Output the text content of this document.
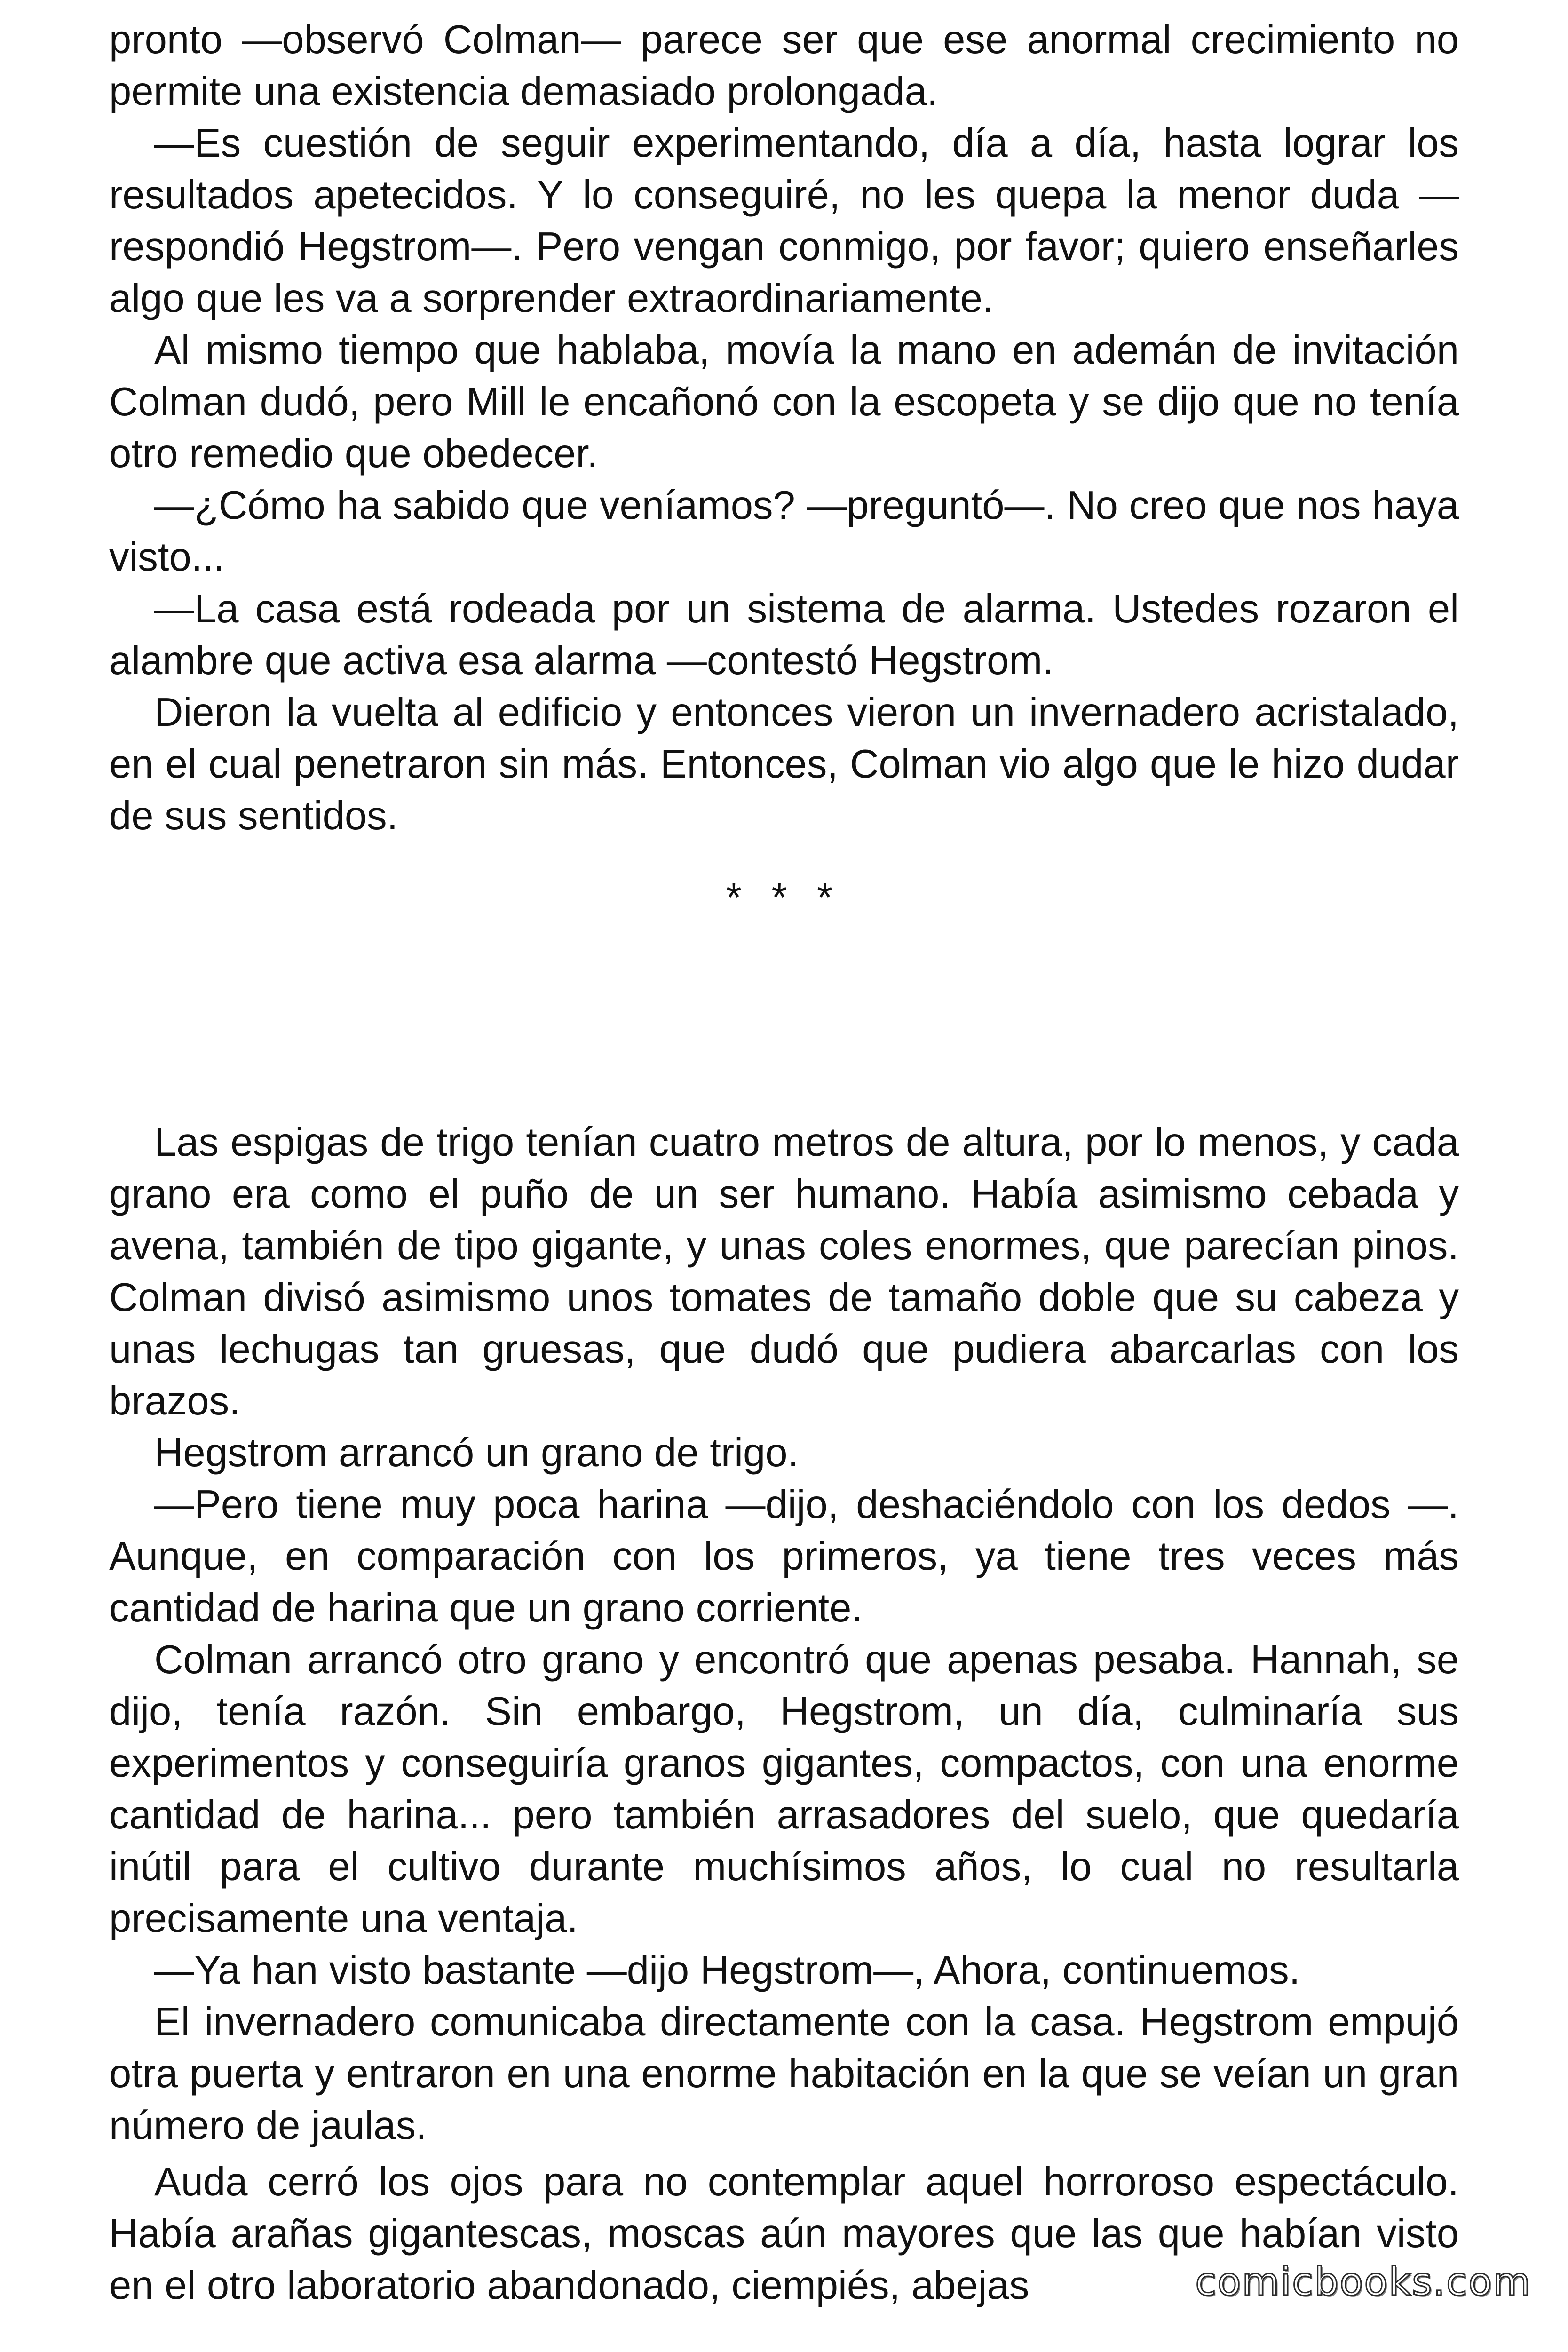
pronto —observó Colman— parece ser que ese anormal crecimiento no permite una existencia demasiado prolongada.

—Es cuestión de seguir experimentando, día a día, hasta lograr los resultados apetecidos. Y lo conseguiré, no les quepa la menor duda —respondió Hegstrom—. Pero vengan conmigo, por favor; quiero enseñarles algo que les va a sorprender extraordinariamente.

Al mismo tiempo que hablaba, movía la mano en ademán de invitación Colman dudó, pero Mill le encañonó con la escopeta y se dijo que no tenía otro remedio que obedecer.

—¿Cómo ha sabido que veníamos? —preguntó—. No creo que nos haya visto...

—La casa está rodeada por un sistema de alarma. Ustedes rozaron el alambre que activa esa alarma —contestó Hegstrom.

Dieron la vuelta al edificio y entonces vieron un invernadero acristalado, en el cual penetraron sin más. Entonces, Colman vio algo que le hizo dudar de sus sentidos.

* * *

Las espigas de trigo tenían cuatro metros de altura, por lo menos, y cada grano era como el puño de un ser humano. Había asimismo cebada y avena, también de tipo gigante, y unas coles enormes, que parecían pinos. Colman divisó asimismo unos tomates de tamaño doble que su cabeza y unas lechugas tan gruesas, que dudó que pudiera abarcarlas con los brazos.

Hegstrom arrancó un grano de trigo.

—Pero tiene muy poca harina —dijo, deshaciéndolo con los dedos —. Aunque, en comparación con los primeros, ya tiene tres veces más cantidad de harina que un grano corriente.

Colman arrancó otro grano y encontró que apenas pesaba. Hannah, se dijo, tenía razón. Sin embargo, Hegstrom, un día, culminaría sus experimentos y conseguiría granos gigantes, compactos, con una enorme cantidad de harina... pero también arrasadores del suelo, que quedaría inútil para el cultivo durante muchísimos años, lo cual no resultarla precisamente una ventaja.

—Ya han visto bastante —dijo Hegstrom—, Ahora, continuemos.

El invernadero comunicaba directamente con la casa. Hegstrom empujó otra puerta y entraron en una enorme habitación en la que se veían un gran número de jaulas.

Auda cerró los ojos para no contemplar aquel horroroso espectáculo. Había arañas gigantescas, moscas aún mayores que las que habían visto en el otro laboratorio abandonado, ciempiés, abejas	comicbooks.com
